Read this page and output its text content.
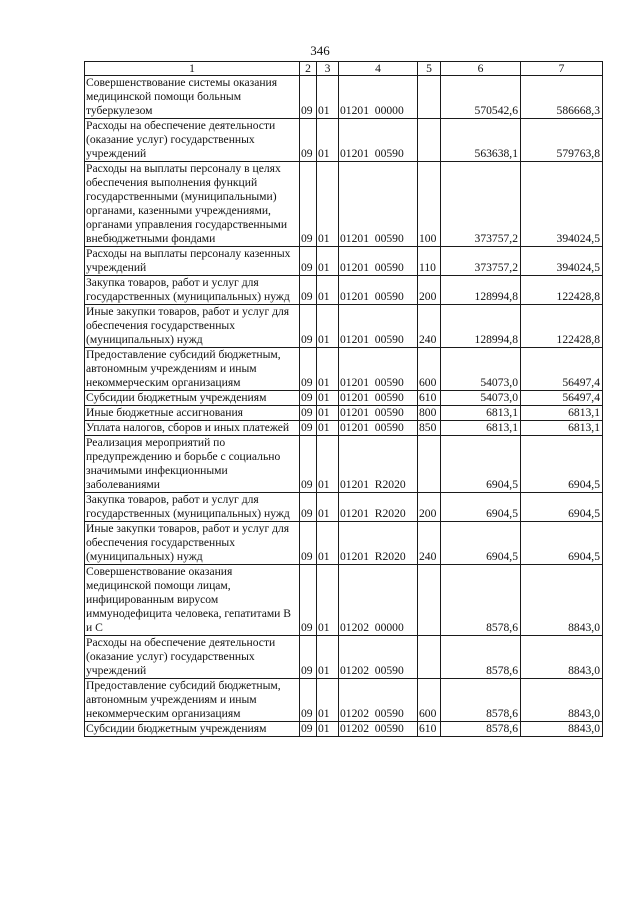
346
1	2	3	4	5	6	7
Совершенствование системы оказания медицинской помощи больным туберкулезом	09	01	01201 00000		570542,6	586668,3
Расходы на обеспечение деятельности (оказание услуг) государственных учреждений	09	01	01201 00590		563638,1	579763,8
Расходы на выплаты персоналу в целях обеспечения выполнения функций государственными (муниципальными) органами, казенными учреждениями, органами управления государственными внебюджетными фондами	09	01	01201 00590	100	373757,2	394024,5
Расходы на выплаты персоналу казенных учреждений	09	01	01201 00590	110	373757,2	394024,5
Закупка товаров, работ и услуг для государственных (муниципальных) нужд	09	01	01201 00590	200	128994,8	122428,8
Иные закупки товаров, работ и услуг для обеспечения государственных (муниципальных) нужд	09	01	01201 00590	240	128994,8	122428,8
Предоставление субсидий бюджетным, автономным учреждениям и иным некоммерческим организациям	09	01	01201 00590	600	54073,0	56497,4
Субсидии бюджетным учреждениям	09	01	01201 00590	610	54073,0	56497,4
Иные бюджетные ассигнования	09	01	01201 00590	800	6813,1	6813,1
Уплата налогов, сборов и иных платежей	09	01	01201 00590	850	6813,1	6813,1
Реализация мероприятий по предупреждению и борьбе с социально значимыми инфекционными заболеваниями	09	01	01201 R2020		6904,5	6904,5
Закупка товаров, работ и услуг для государственных (муниципальных) нужд	09	01	01201 R2020	200	6904,5	6904,5
Иные закупки товаров, работ и услуг для обеспечения государственных (муниципальных) нужд	09	01	01201 R2020	240	6904,5	6904,5
Совершенствование оказания медицинской помощи лицам, инфицированным вирусом иммунодефицита человека, гепатитами В и С	09	01	01202 00000		8578,6	8843,0
Расходы на обеспечение деятельности (оказание услуг) государственных учреждений	09	01	01202 00590		8578,6	8843,0
Предоставление субсидий бюджетным, автономным учреждениям и иным некоммерческим организациям	09	01	01202 00590	600	8578,6	8843,0
Субсидии бюджетным учреждениям	09	01	01202 00590	610	8578,6	8843,0
